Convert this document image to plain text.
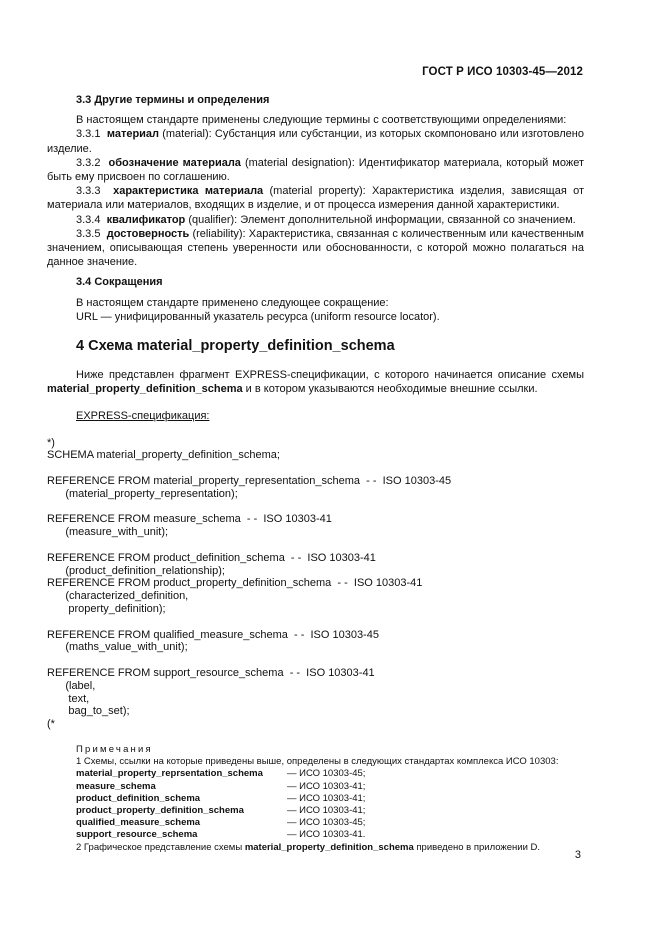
ГОСТ Р ИСО 10303-45—2012

3.3 Другие термины и определения

В настоящем стандарте применены следующие термины с соответствующими определениями:

3.3.1 материал (material): Субстанция или субстанции, из которых скомпоновано или изготовлено изделие.

3.3.2 обозначение материала (material designation): Идентификатор материала, который может быть ему присвоен по соглашению.

3.3.3 характеристика материала (material property): Характеристика изделия, зависящая от материала или материалов, входящих в изделие, и от процесса измерения данной характеристики.

3.3.4 квалификатор (qualifier): Элемент дополнительной информации, связанной со значением.

3.3.5 достоверность (reliability): Характеристика, связанная с количественным или качественным значением, описывающая степень уверенности или обоснованности, с которой можно полагаться на данное значение.

3.4 Сокращения

В настоящем стандарте применено следующее сокращение:

URL — унифицированный указатель ресурса (uniform resource locator).

4 Схема material_property_definition_schema

Ниже представлен фрагмент EXPRESS-спецификации, с которого начинается описание схемы material_property_definition_schema и в котором указываются необходимые внешние ссылки.

EXPRESS-спецификация:
*)
SCHEMA material_property_definition_schema;

REFERENCE FROM material_property_representation_schema  - -  ISO 10303-45
(material_property_representation);

REFERENCE FROM measure_schema  - -  ISO 10303-41
(measure_with_unit);

REFERENCE FROM product_definition_schema  - -  ISO 10303-41
(product_definition_relationship);
REFERENCE FROM product_property_definition_schema  - -  ISO 10303-41
(characterized_definition,
property_definition);

REFERENCE FROM qualified_measure_schema  - -  ISO 10303-45
(maths_value_with_unit);

REFERENCE FROM support_resource_schema  - -  ISO 10303-41
(label,
text,
bag_to_set);
(*
Примечания
1 Схемы, ссылки на которые приведены выше, определены в следующих стандартах комплекса ИСО 10303:
material_property_reprsentation_schema	— ИСО 10303-45;
measure_schema	— ИСО 10303-41;
product_definition_schema	— ИСО 10303-41;
product_property_definition_schema	— ИСО 10303-41;
qualified_measure_schema	— ИСО 10303-45;
support_resource_schema	— ИСО 10303-41.
2 Графическое представление схемы material_property_definition_schema приведено в приложении D.
3
